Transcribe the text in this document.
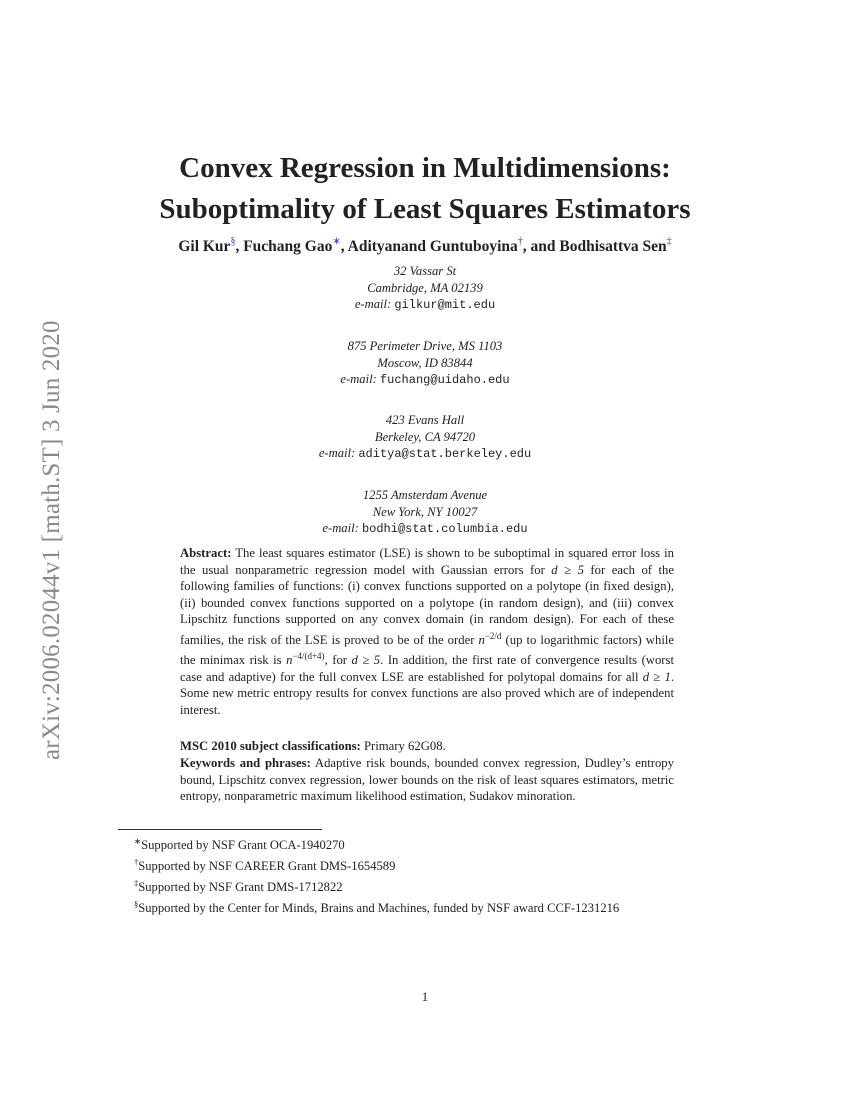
arXiv:2006.02044v1 [math.ST] 3 Jun 2020
Convex Regression in Multidimensions:
Suboptimality of Least Squares Estimators
Gil Kur§, Fuchang Gao∗, Adityanand Guntuboyina†, and Bodhisattva Sen‡
32 Vassar St
Cambridge, MA 02139
e-mail: gilkur@mit.edu
875 Perimeter Drive, MS 1103
Moscow, ID 83844
e-mail: fuchang@uidaho.edu
423 Evans Hall
Berkeley, CA 94720
e-mail: aditya@stat.berkeley.edu
1255 Amsterdam Avenue
New York, NY 10027
e-mail: bodhi@stat.columbia.edu
Abstract: The least squares estimator (LSE) is shown to be suboptimal in squared error loss in the usual nonparametric regression model with Gaussian errors for d ≥ 5 for each of the following families of functions: (i) convex functions supported on a polytope (in fixed design), (ii) bounded convex functions supported on a polytope (in random design), and (iii) convex Lipschitz functions supported on any convex domain (in random design). For each of these families, the risk of the LSE is proved to be of the order $n^{-2/d}$ (up to logarithmic factors) while the minimax risk is $n^{-4/(d+4)}$, for d ≥ 5. In addition, the first rate of convergence results (worst case and adaptive) for the full convex LSE are established for polytopal domains for all d ≥ 1. Some new metric entropy results for convex functions are also proved which are of independent interest.
MSC 2010 subject classifications: Primary 62G08.
Keywords and phrases: Adaptive risk bounds, bounded convex regression, Dudley’s entropy bound, Lipschitz convex regression, lower bounds on the risk of least squares estimators, metric entropy, nonparametric maximum likelihood estimation, Sudakov minoration.
∗Supported by NSF Grant OCA-1940270
†Supported by NSF CAREER Grant DMS-1654589
‡Supported by NSF Grant DMS-1712822
§Supported by the Center for Minds, Brains and Machines, funded by NSF award CCF-1231216
1
